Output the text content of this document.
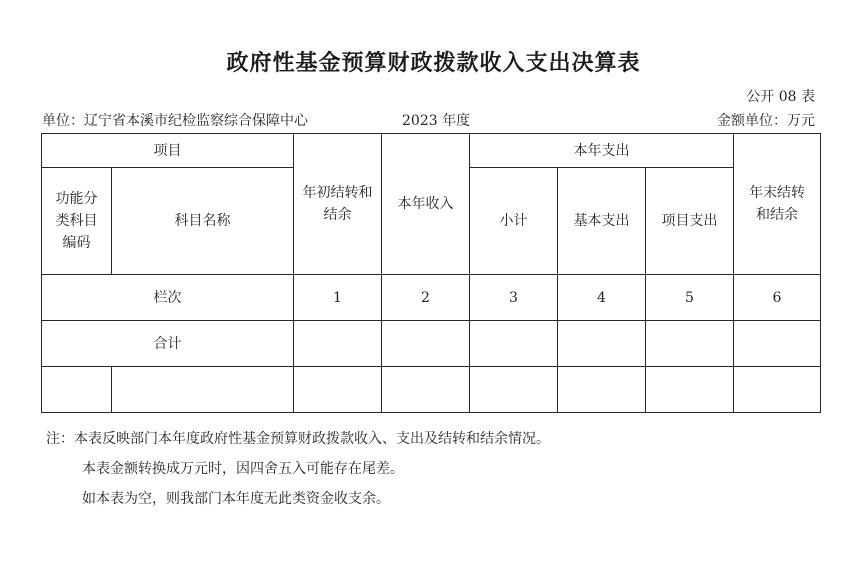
政府性基金预算财政拨款收入支出决算表
公开 08 表
单位：辽宁省本溪市纪检监察综合保障中心	2023 年度	金额单位：万元
项目		年初结转和结余	本年收入	本年支出			年末结转和结余

功能分类科目编码	科目名称			小计	基本支出	项目支出	
栏次		1	2	3	4	5	6
合计							

注：本表反映部门本年度政府性基金预算财政拨款收入、支出及结转和结余情况。
本表金额转换成万元时，因四舍五入可能存在尾差。
如本表为空，则我部门本年度无此类资金收支余。
